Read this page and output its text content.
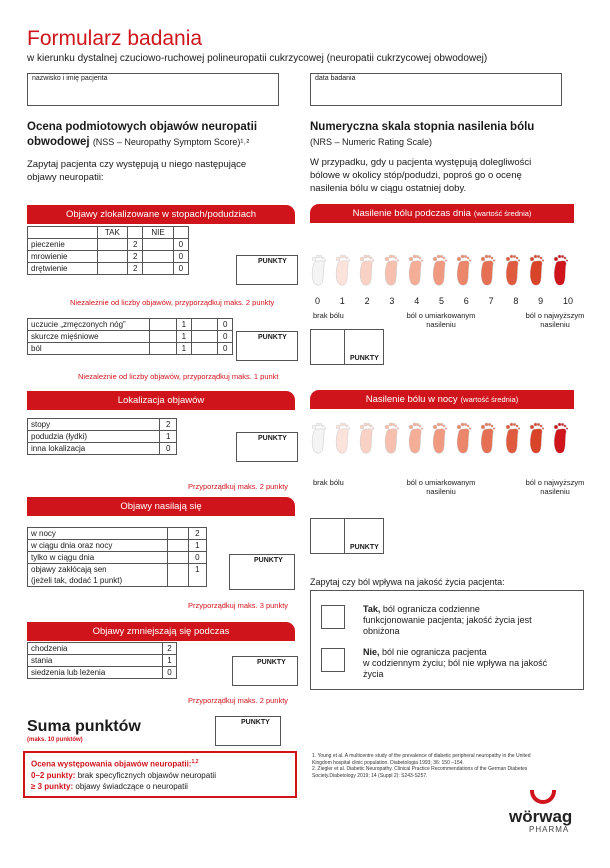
Formularz badania
w kierunku dystalnej czuciowo-ruchowej polineuropatii cukrzycowej (neuropatii cukrzycowej obwodowej)
nazwisko i imię pacjenta	data badania
Ocena podmiotowych objawów neuropatii
obwodowej (NSS – Neuropathy Symptom Score)¹˒²
Zapytaj pacjenta czy występują u niego następujące
objawy neuropatii:
Numeryczna skala stopnia nasilenia bólu
(NRS – Numeric Rating Scale)
W przypadku, gdy u pacjenta występują dolegliwości
bólowe w okolicy stóp/podudzi, poproś go o ocenę
nasilenia bólu w ciągu ostatniej doby.
Objawy zlokalizowane w stopach/podudziach
	TAK		NIE	
pieczenie		2		0
mrowienie		2		0
drętwienie		2		0
PUNKTY
Niezależnie od liczby objawów, przyporządkuj maks. 2 punkty
uczucie „zmęczonych nóg”		1		0
skurcze mięśniowe		1		0
ból		1		0
PUNKTY
Niezależnie od liczby objawów, przyporządkuj maks. 1 punkt
Lokalizacja objawów
stopy	2
podudzia (łydki)	1
inna lokalizacja	0
PUNKTY
Przyporządkuj maks. 2 punkty
Objawy nasilają się
w nocy		2
w ciągu dnia oraz nocy		1
tylko w ciągu dnia		0

objawy zakłócają sen
(jeżeli tak, dodać 1 punkt)		1
PUNKTY
Przyporządkuj maks. 3 punkty
Objawy zmniejszają się podczas
chodzenia	2
stania	1
siedzenia lub leżenia	0
PUNKTY
Przyporządkuj maks. 2 punkty
Suma punktów
(maks. 10 punktów)
PUNKTY
Ocena występowania objawów neuropatii:$^{1,2}$
0–2 punkty: brak specyficznych objawów neuropatii
≥ 3 punkty: objawy świadczące o neuropatii
Nasilenie bólu podczas dnia (wartość średnia)
0 1 2 3 4 5 6 7 8 9 10
brak bólu	ból o umiarkowanym
nasileniu
ból o najwyższym
nasileniu
PUNKTY
Nasilenie bólu w nocy (wartość średnia)
brak bólu	ból o umiarkowanym
nasileniu
ból o najwyższym
nasileniu
PUNKTY
Zapytaj czy ból wpływa na jakość życia pacjenta:
Tak, ból ogranicza codzienne
funkcjonowanie pacjenta; jakość życia jest
obniżona
Nie, ból nie ogranicza pacjenta
w codziennym życiu; ból nie wpływa na jakość
życia
1. Young et al. A multicentre study of the prevalence of diabetic peripheral neuropathy in the United
Kingdom hospital clinic population. Diabetologia 1993; 36: 150 –154.
2. Ziegler et al. Diabetic Neuropathy. Clinical Practice Recommendations of the German Diabetes
Society.Diabetology 2019; 14 (Suppl 2): S243-S257.
wörwag
PHARMA
